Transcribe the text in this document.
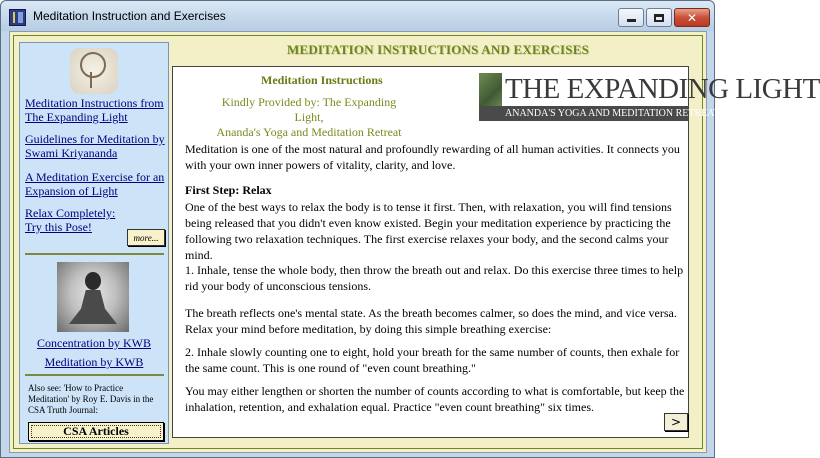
Meditation Instruction and Exercises	✕
Meditation Instructions from
The Expanding Light
Guidelines for Meditation by
Swami Kriyananda
A Meditation Exercise for an
Expansion of Light
Relax Completely:
Try this Pose!
more...
Concentration by KWB
Meditation by KWB
Also see: 'How to Practice Meditation' by Roy E. Davis in the CSA Truth Journal:
CSA Articles
MEDITATION INSTRUCTIONS AND EXERCISES
Meditation Instructions
Kindly Provided by: The Expanding Light,
Ananda's Yoga and Meditation Retreat
THE EXPANDING LIGHT
ANANDA'S YOGA AND MEDITATION RETREAT
Meditation is one of the most natural and profoundly rewarding of all human activities. It connects you with your own inner powers of vitality, clarity, and love.
First Step: Relax
One of the best ways to relax the body is to tense it first. Then, with relaxation, you will find tensions being released that you didn't even know existed. Begin your meditation experience by practicing the following two relaxation techniques. The first exercise relaxes your body, and the second calms your mind.
1. Inhale, tense the whole body, then throw the breath out and relax. Do this exercise three times to help rid your body of unconscious tensions.
The breath reflects one's mental state. As the breath becomes calmer, so does the mind, and vice versa. Relax your mind before meditation, by doing this simple breathing exercise:
2. Inhale slowly counting one to eight, hold your breath for the same number of counts, then exhale for the same count. This is one round of "even count breathing."
You may either lengthen or shorten the number of counts according to what is comfortable, but keep the inhalation, retention, and exhalation equal. Practice "even count breathing" six times.
>
